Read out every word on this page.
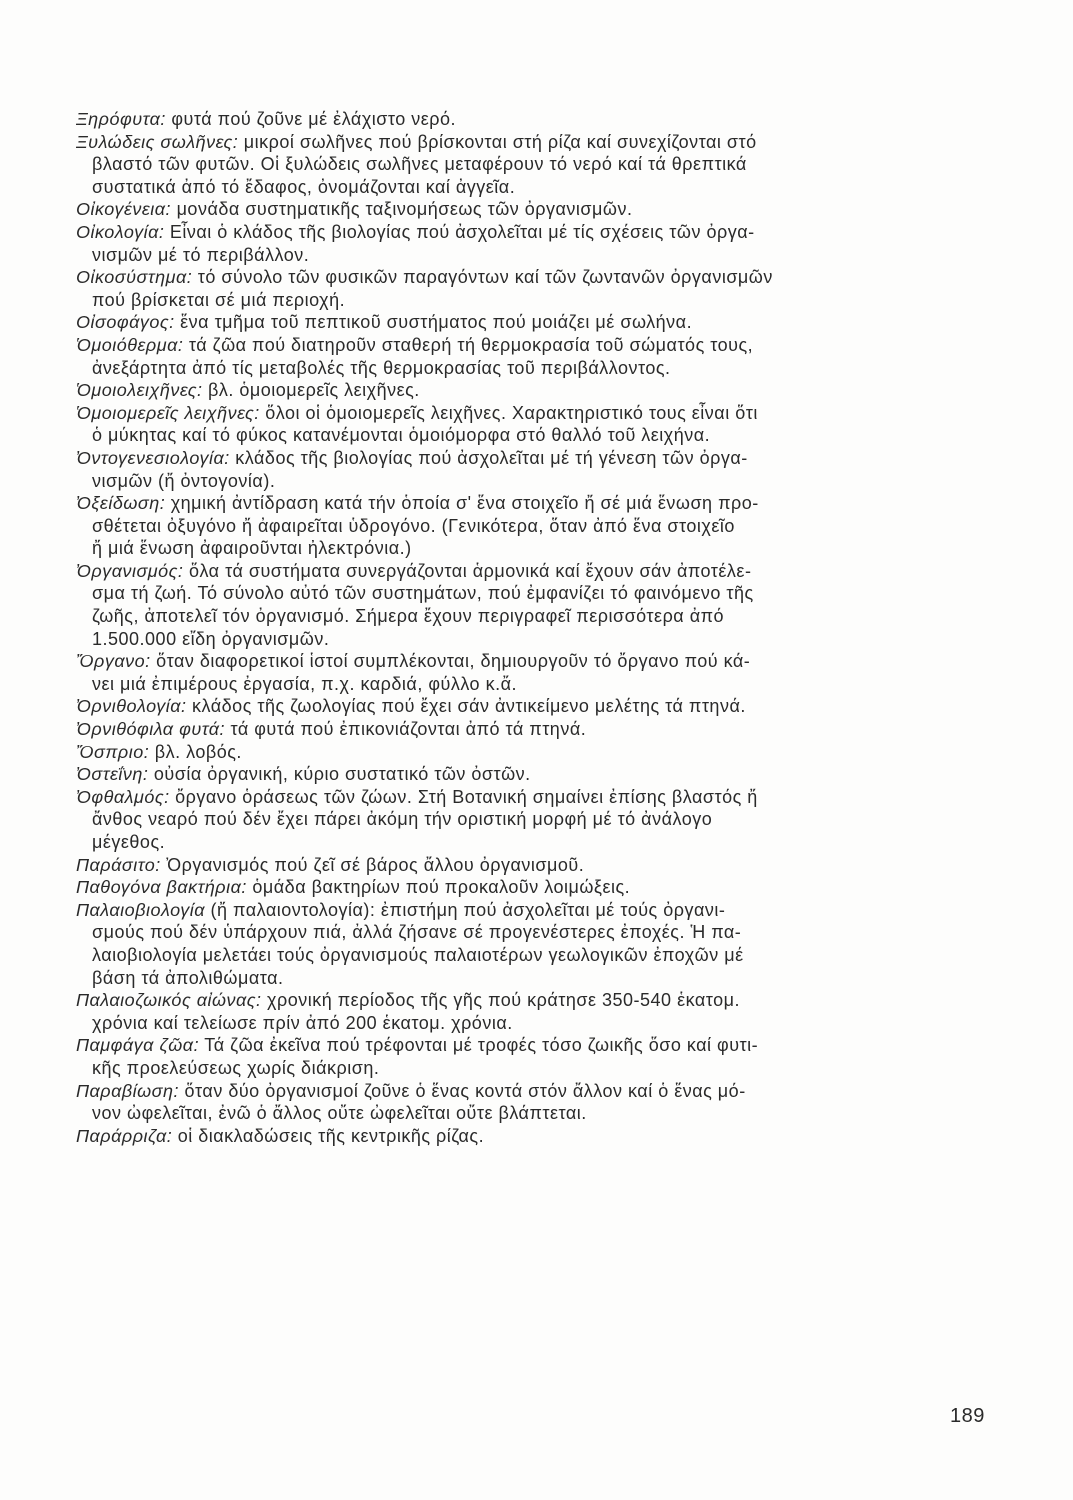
Ξηρόφυτα: φυτά πού ζοῦνε μέ ἐλάχιστο νερό.
Ξυλώδεις σωλῆνες: μικροί σωλῆνες πού βρίσκονται στή ρίζα καί συνεχίζονται στό
βλαστό τῶν φυτῶν. Οἱ ξυλώδεις σωλῆνες μεταφέρουν τό νερό καί τά θρεπτικά
συστατικά ἀπό τό ἔδαφος, ὀνομάζονται καί ἀγγεῖα.
Οἰκογένεια: μονάδα συστηματικῆς ταξινομήσεως τῶν ὀργανισμῶν.
Οἰκολογία: Εἶναι ὁ κλάδος τῆς βιολογίας πού ἀσχολεῖται μέ τίς σχέσεις τῶν ὀργα-
νισμῶν μέ τό περιβάλλον.
Οἰκοσύστημα: τό σύνολο τῶν φυσικῶν παραγόντων καί τῶν ζωντανῶν ὀργανισμῶν
πού βρίσκεται σέ μιά περιοχή.
Οἰσοφάγος: ἕνα τμῆμα τοῦ πεπτικοῦ συστήματος πού μοιάζει μέ σωλήνα.
Ὁμοιόθερμα: τά ζῶα πού διατηροῦν σταθερή τή θερμοκρασία τοῦ σώματός τους,
ἀνεξάρτητα ἀπό τίς μεταβολές τῆς θερμοκρασίας τοῦ περιβάλλοντος.
Ὁμοιολειχῆνες: βλ. ὁμοιομερεῖς λειχῆνες.
Ὁμοιομερεῖς λειχῆνες: ὅλοι οἱ ὁμοιομερεῖς λειχῆνες. Χαρακτηριστικό τους εἶναι ὅτι
ὁ μύκητας καί τό φύκος κατανέμονται ὁμοιόμορφα στό θαλλό τοῦ λειχήνα.
Ὀντογενεσιολογία: κλάδος τῆς βιολογίας πού ἀσχολεῖται μέ τή γένεση τῶν ὀργα-
νισμῶν (ἤ ὀντογονία).
Ὀξείδωση: χημική ἀντίδραση κατά τήν ὁποία σ' ἕνα στοιχεῖο ἤ σέ μιά ἕνωση προ-
σθέτεται ὀξυγόνο ἤ ἀφαιρεῖται ὑδρογόνο. (Γενικότερα, ὅταν ἀπό ἕνα στοιχεῖο
ἤ μιά ἕνωση ἀφαιροῦνται ἠλεκτρόνια.)
Ὀργανισμός: ὅλα τά συστήματα συνεργάζονται ἁρμονικά καί ἔχουν σάν ἀποτέλε-
σμα τή ζωή. Τό σύνολο αὐτό τῶν συστημάτων, πού ἐμφανίζει τό φαινόμενο τῆς
ζωῆς, ἀποτελεῖ τόν ὀργανισμό. Σήμερα ἔχουν περιγραφεῖ περισσότερα ἀπό
1.500.000 εἴδη ὀργανισμῶν.
Ὄργανο: ὅταν διαφορετικοί ἱστοί συμπλέκονται, δημιουργοῦν τό ὄργανο πού κά-
νει μιά ἐπιμέρους ἐργασία, π.χ. καρδιά, φύλλο κ.ἄ.
Ὀρνιθολογία: κλάδος τῆς ζωολογίας πού ἔχει σάν ἀντικείμενο μελέτης τά πτηνά.
Ὀρνιθόφιλα φυτά: τά φυτά πού ἐπικονιάζονται ἀπό τά πτηνά.
Ὄσπριο: βλ. λοβός.
Ὀστεΐνη: οὐσία ὀργανική, κύριο συστατικό τῶν ὀστῶν.
Ὀφθαλμός: ὄργανο ὁράσεως τῶν ζώων. Στή Βοτανική σημαίνει ἐπίσης βλαστός ἤ
ἄνθος νεαρό πού δέν ἔχει πάρει ἀκόμη τήν οριστική μορφή μέ τό ἀνάλογο
μέγεθος.
Παράσιτο: Ὀργανισμός πού ζεῖ σέ βάρος ἄλλου ὀργανισμοῦ.
Παθογόνα βακτήρια: ὁμάδα βακτηρίων πού προκαλοῦν λοιμώξεις.
Παλαιοβιολογία (ἤ παλαιοντολογία): ἐπιστήμη πού ἀσχολεῖται μέ τούς ὀργανι-
σμούς πού δέν ὑπάρχουν πιά, ἀλλά ζήσανε σέ προγενέστερες ἐποχές. Ἡ πα-
λαιοβιολογία μελετάει τούς ὀργανισμούς παλαιοτέρων γεωλογικῶν ἐποχῶν μέ
βάση τά ἀπολιθώματα.
Παλαιοζωικός αἰώνας: χρονική περίοδος τῆς γῆς πού κράτησε 350-540 ἑκατομ.
χρόνια καί τελείωσε πρίν ἀπό 200 ἑκατομ. χρόνια.
Παμφάγα ζῶα: Τά ζῶα ἐκεῖνα πού τρέφονται μέ τροφές τόσο ζωικῆς ὅσο καί φυτι-
κῆς προελεύσεως χωρίς διάκριση.
Παραβίωση: ὅταν δύο ὀργανισμοί ζοῦνε ὁ ἕνας κοντά στόν ἄλλον καί ὁ ἕνας μό-
νον ὠφελεῖται, ἐνῶ ὁ ἄλλος οὔτε ὠφελεῖται οὔτε βλάπτεται.
Παράρριζα: οἱ διακλαδώσεις τῆς κεντρικῆς ρίζας.
189
